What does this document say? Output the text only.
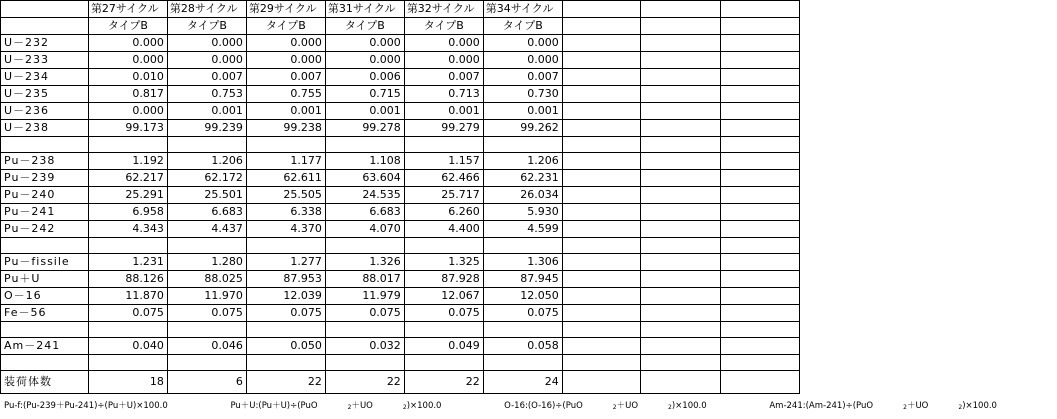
	第27サイクル	第28サイクル	第29サイクル	第31サイクル	第32サイクル	第34サイクル			
	タイプB	タイプB	タイプB	タイプB	タイプB	タイプB			
U－232	0.000	0.000	0.000	0.000	0.000	0.000			
U－233	0.000	0.000	0.000	0.000	0.000	0.000			
U－234	0.010	0.007	0.007	0.006	0.007	0.007			
U－235	0.817	0.753	0.755	0.715	0.713	0.730			
U－236	0.000	0.001	0.001	0.001	0.001	0.001			
U－238	99.173	99.239	99.238	99.278	99.279	99.262			

Pu－238	1.192	1.206	1.177	1.108	1.157	1.206			
Pu－239	62.217	62.172	62.611	63.604	62.466	62.231			
Pu－240	25.291	25.501	25.505	24.535	25.717	26.034			
Pu－241	6.958	6.683	6.338	6.683	6.260	5.930			
Pu－242	4.343	4.437	4.370	4.070	4.400	4.599			

Pu－fissile	1.231	1.280	1.277	1.326	1.325	1.306			
Pu＋U	88.126	88.025	87.953	88.017	87.928	87.945			
O－16	11.870	11.970	12.039	11.979	12.067	12.050			
Fe－56	0.075	0.075	0.075	0.075	0.075	0.075			

Am－241	0.040	0.046	0.050	0.032	0.049	0.058			

装荷体数	18	6	22	22	22	24			
Pu-f:(Pu-239＋Pu-241)÷(Pu＋U)×100.0	Pu＋U:(Pu＋U)÷(PuO	$_2$＋UO	$_2$)×100.0	O-16:(O-16)÷(PuO	$_2$＋UO	$_2$)×100.0	Am-241:(Am-241)÷(PuO	$_2$＋UO	$_2$)×100.0
